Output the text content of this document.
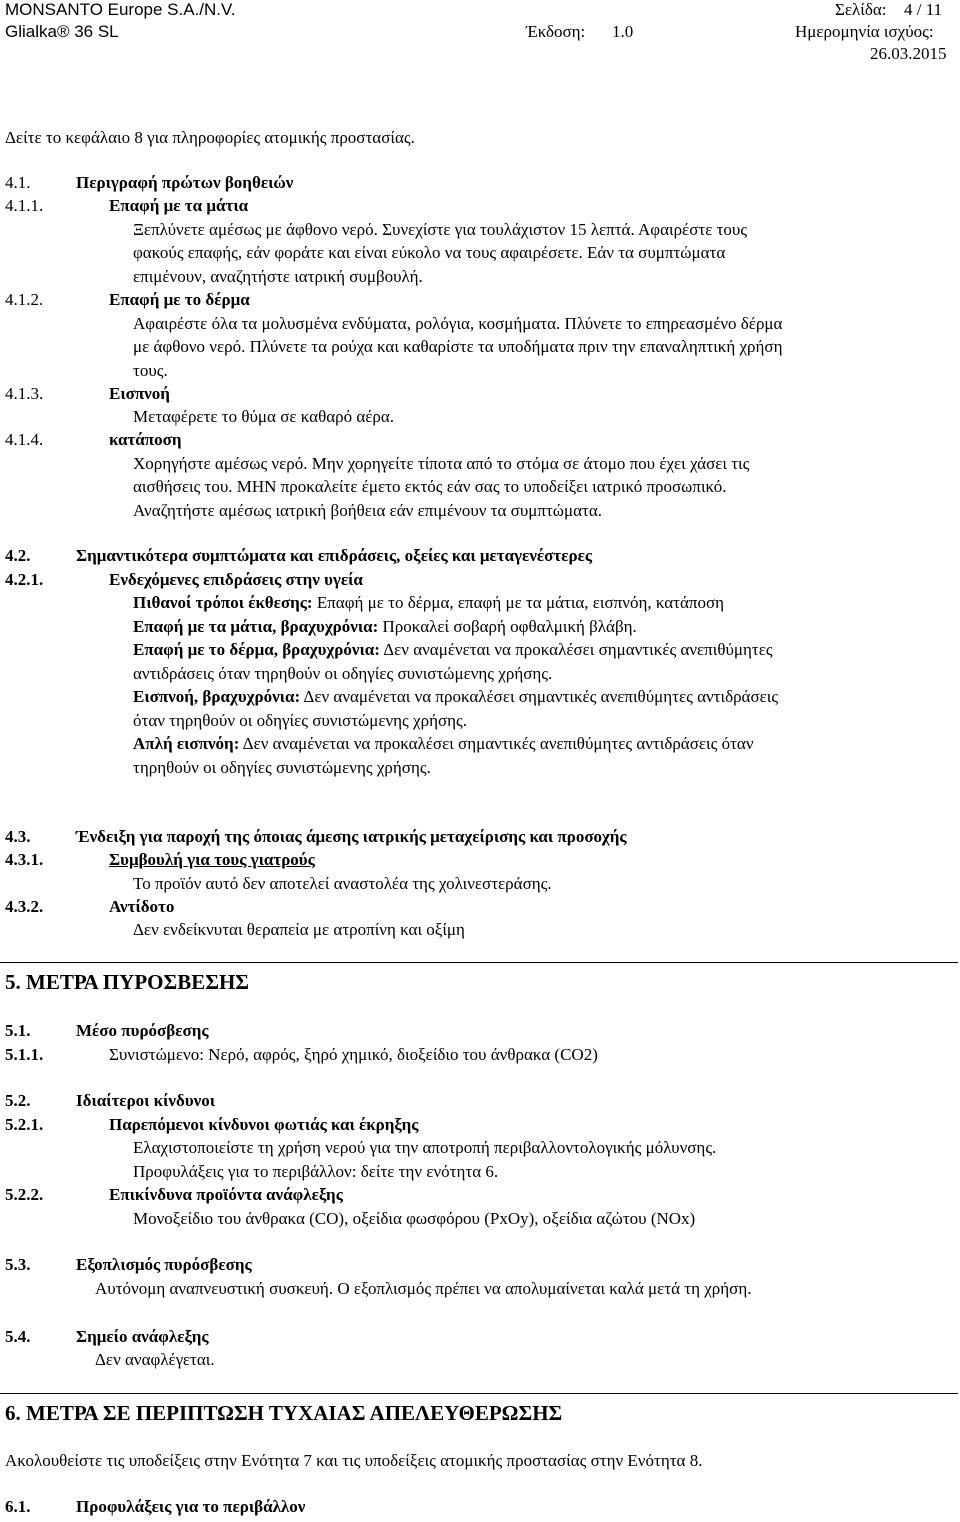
MONSANTO Europe S.A./N.V.	Σελίδα: 4 / 11
Glialka® 36 SL	Έκδοση: 1.0	Ημερομηνία ισχύος:
26.03.2015
Δείτε το κεφάλαιο 8 για πληροφορίες ατομικής προστασίας.
4.1.	Περιγραφή πρώτων βοηθειών
4.1.1.	Επαφή με τα μάτια
Ξεπλύνετε αμέσως με άφθονο νερό. Συνεχίστε για τουλάχιστον 15 λεπτά. Αφαιρέστε τους
φακούς επαφής, εάν φοράτε και είναι εύκολο να τους αφαιρέσετε. Εάν τα συμπτώματα
επιμένουν, αναζητήστε ιατρική συμβουλή.
4.1.2.	Επαφή με το δέρμα
Αφαιρέστε όλα τα μολυσμένα ενδύματα, ρολόγια, κοσμήματα. Πλύνετε το επηρεασμένο δέρμα
με άφθονο νερό. Πλύνετε τα ρούχα και καθαρίστε τα υποδήματα πριν την επαναληπτική χρήση
τους.
4.1.3.	Εισπνοή
Μεταφέρετε το θύμα σε καθαρό αέρα.
4.1.4.	κατάποση
Χορηγήστε αμέσως νερό. Μην χορηγείτε τίποτα από το στόμα σε άτομο που έχει χάσει τις
αισθήσεις του. ΜΗΝ προκαλείτε έμετο εκτός εάν σας το υποδείξει ιατρικό προσωπικό.
Αναζητήστε αμέσως ιατρική βοήθεια εάν επιμένουν τα συμπτώματα.
4.2.	Σημαντικότερα συμπτώματα και επιδράσεις, οξείες και μεταγενέστερες
4.2.1.	Ενδεχόμενες επιδράσεις στην υγεία
Πιθανοί τρόποι έκθεσης: Επαφή με το δέρμα, επαφή με τα μάτια, εισπνόη, κατάποση
Επαφή με τα μάτια, βραχυχρόνια: Προκαλεί σοβαρή οφθαλμική βλάβη.
Επαφή με το δέρμα, βραχυχρόνια: Δεν αναμένεται να προκαλέσει σημαντικές ανεπιθύμητες
αντιδράσεις όταν τηρηθούν οι οδηγίες συνιστώμενης χρήσης.
Εισπνοή, βραχυχρόνια: Δεν αναμένεται να προκαλέσει σημαντικές ανεπιθύμητες αντιδράσεις
όταν τηρηθούν οι οδηγίες συνιστώμενης χρήσης.
Απλή εισπνόη: Δεν αναμένεται να προκαλέσει σημαντικές ανεπιθύμητες αντιδράσεις όταν
τηρηθούν οι οδηγίες συνιστώμενης χρήσης.
4.3.	Ένδειξη για παροχή της όποιας άμεσης ιατρικής μεταχείρισης και προσοχής
4.3.1.	Συμβουλή για τους γιατρούς
Το προϊόν αυτό δεν αποτελεί αναστολέα της χολινεστεράσης.
4.3.2.	Αντίδοτο
Δεν ενδείκνυται θεραπεία με ατροπίνη και οξίμη
5. ΜΕΤΡΑ ΠΥΡΟΣΒΕΣΗΣ
5.1.	Μέσο πυρόσβεσης
5.1.1.	Συνιστώμενο: Νερό, αφρός, ξηρό χημικό, διοξείδιο του άνθρακα (CO2)
5.2.	Ιδιαίτεροι κίνδυνοι
5.2.1.	Παρεπόμενοι κίνδυνοι φωτιάς και έκρηξης
Ελαχιστοποιείστε τη χρήση νερού για την αποτροπή περιβαλλοντολογικής μόλυνσης.
Προφυλάξεις για το περιβάλλον: δείτε την ενότητα 6.
5.2.2.	Επικίνδυνα προϊόντα ανάφλεξης
Μονοξείδιο του άνθρακα (CO), οξείδια φωσφόρου (PxOy), οξείδια αζώτου (NOx)
5.3.	Εξοπλισμός πυρόσβεσης
Αυτόνομη αναπνευστική συσκευή. Ο εξοπλισμός πρέπει να απολυμαίνεται καλά μετά τη χρήση.
5.4.	Σημείο ανάφλεξης
Δεν αναφλέγεται.
6. ΜΕΤΡΑ ΣΕ ΠΕΡΙΠΤΩΣΗ ΤΥΧΑΙΑΣ ΑΠΕΛΕΥΘΕΡΩΣΗΣ
Ακολουθείστε τις υποδείξεις στην Ενότητα 7 και τις υποδείξεις ατομικής προστασίας στην Ενότητα 8.
6.1.	Προφυλάξεις για το περιβάλλον
